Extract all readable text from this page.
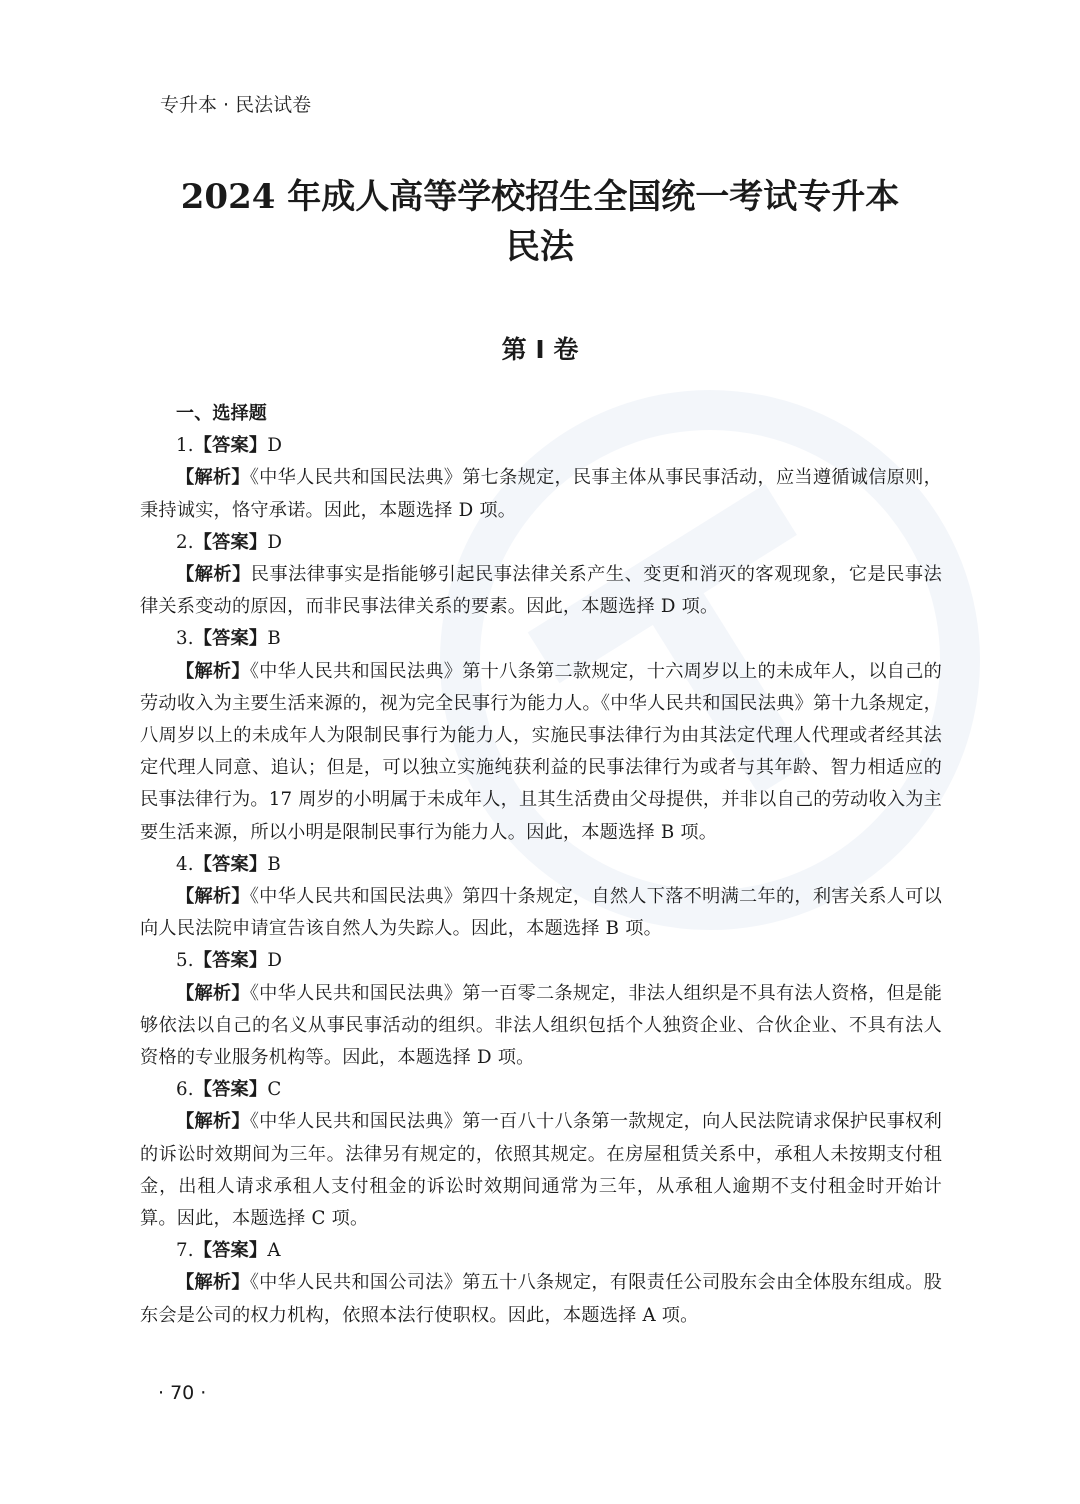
专升本 · 民法试卷
2024 年成人高等学校招生全国统一考试专升本
民法
第 Ⅰ 卷
一、选择题
1.【答案】D

【解析】《中华人民共和国民法典》第七条规定，民事主体从事民事活动，应当遵循诚信原则，秉持诚实，恪守承诺。因此，本题选择 D 项。

2.【答案】D

【解析】民事法律事实是指能够引起民事法律关系产生、变更和消灭的客观现象，它是民事法律关系变动的原因，而非民事法律关系的要素。因此，本题选择 D 项。

3.【答案】B

【解析】《中华人民共和国民法典》第十八条第二款规定，十六周岁以上的未成年人，以自己的劳动收入为主要生活来源的，视为完全民事行为能力人。《中华人民共和国民法典》第十九条规定，八周岁以上的未成年人为限制民事行为能力人，实施民事法律行为由其法定代理人代理或者经其法定代理人同意、追认；但是，可以独立实施纯获利益的民事法律行为或者与其年龄、智力相适应的民事法律行为。17 周岁的小明属于未成年人，且其生活费由父母提供，并非以自己的劳动收入为主要生活来源，所以小明是限制民事行为能力人。因此，本题选择 B 项。

4.【答案】B

【解析】《中华人民共和国民法典》第四十条规定，自然人下落不明满二年的，利害关系人可以向人民法院申请宣告该自然人为失踪人。因此，本题选择 B 项。

5.【答案】D

【解析】《中华人民共和国民法典》第一百零二条规定，非法人组织是不具有法人资格，但是能够依法以自己的名义从事民事活动的组织。非法人组织包括个人独资企业、合伙企业、不具有法人资格的专业服务机构等。因此，本题选择 D 项。

6.【答案】C

【解析】《中华人民共和国民法典》第一百八十八条第一款规定，向人民法院请求保护民事权利的诉讼时效期间为三年。法律另有规定的，依照其规定。在房屋租赁关系中，承租人未按期支付租金，出租人请求承租人支付租金的诉讼时效期间通常为三年，从承租人逾期不支付租金时开始计算。因此，本题选择 C 项。

7.【答案】A

【解析】《中华人民共和国公司法》第五十八条规定，有限责任公司股东会由全体股东组成。股东会是公司的权力机构，依照本法行使职权。因此，本题选择 A 项。

· 70 ·
